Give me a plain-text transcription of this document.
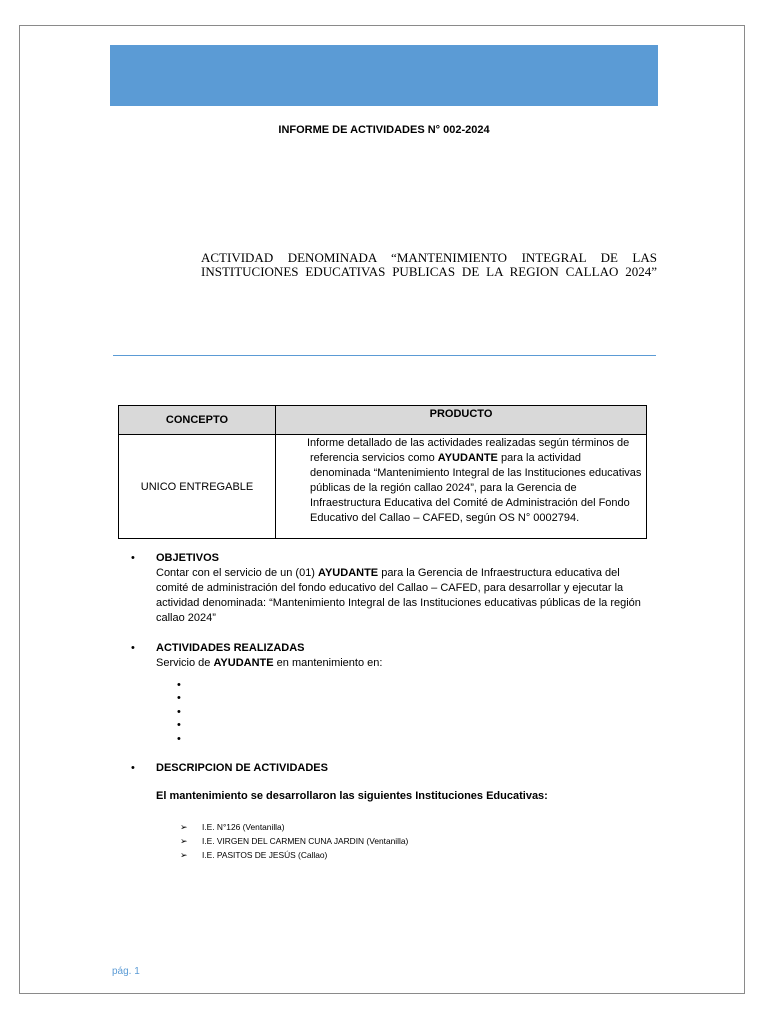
INFORME DE ACTIVIDADES N° 002-2024
ACTIVIDAD DENOMINADA “MANTENIMIENTO INTEGRAL DE LAS INSTITUCIONES EDUCATIVAS PUBLICAS DE LA REGION CALLAO 2024”
CONCEPTO	PRODUCTO
UNICO ENTREGABLE	Informe detallado de las actividades realizadas según términos de referencia servicios como AYUDANTE para la actividad denominada “Mantenimiento Integral de las Instituciones educativas públicas de la región callao 2024”, para la Gerencia de Infraestructura Educativa del Comité de Administración del Fondo Educativo del Callao – CAFED, según OS N° 0002794.
• OBJETIVOS
Contar con el servicio de un (01) AYUDANTE para la Gerencia de Infraestructura educativa del comité de administración del fondo educativo del Callao – CAFED, para desarrollar y ejecutar la actividad denominada: “Mantenimiento Integral de las Instituciones educativas públicas de la región callao 2024”
• ACTIVIDADES REALIZADAS
Servicio de AYUDANTE en mantenimiento en:
•
•
•
•
•
• DESCRIPCION DE ACTIVIDADES
El mantenimiento se desarrollaron las siguientes Instituciones Educativas:
➢ I.E. N°126 (Ventanilla)
➢ I.E. VIRGEN DEL CARMEN CUNA JARDIN (Ventanilla)
➢ I.E. PASITOS DE JESÚS (Callao)
pág. 1
